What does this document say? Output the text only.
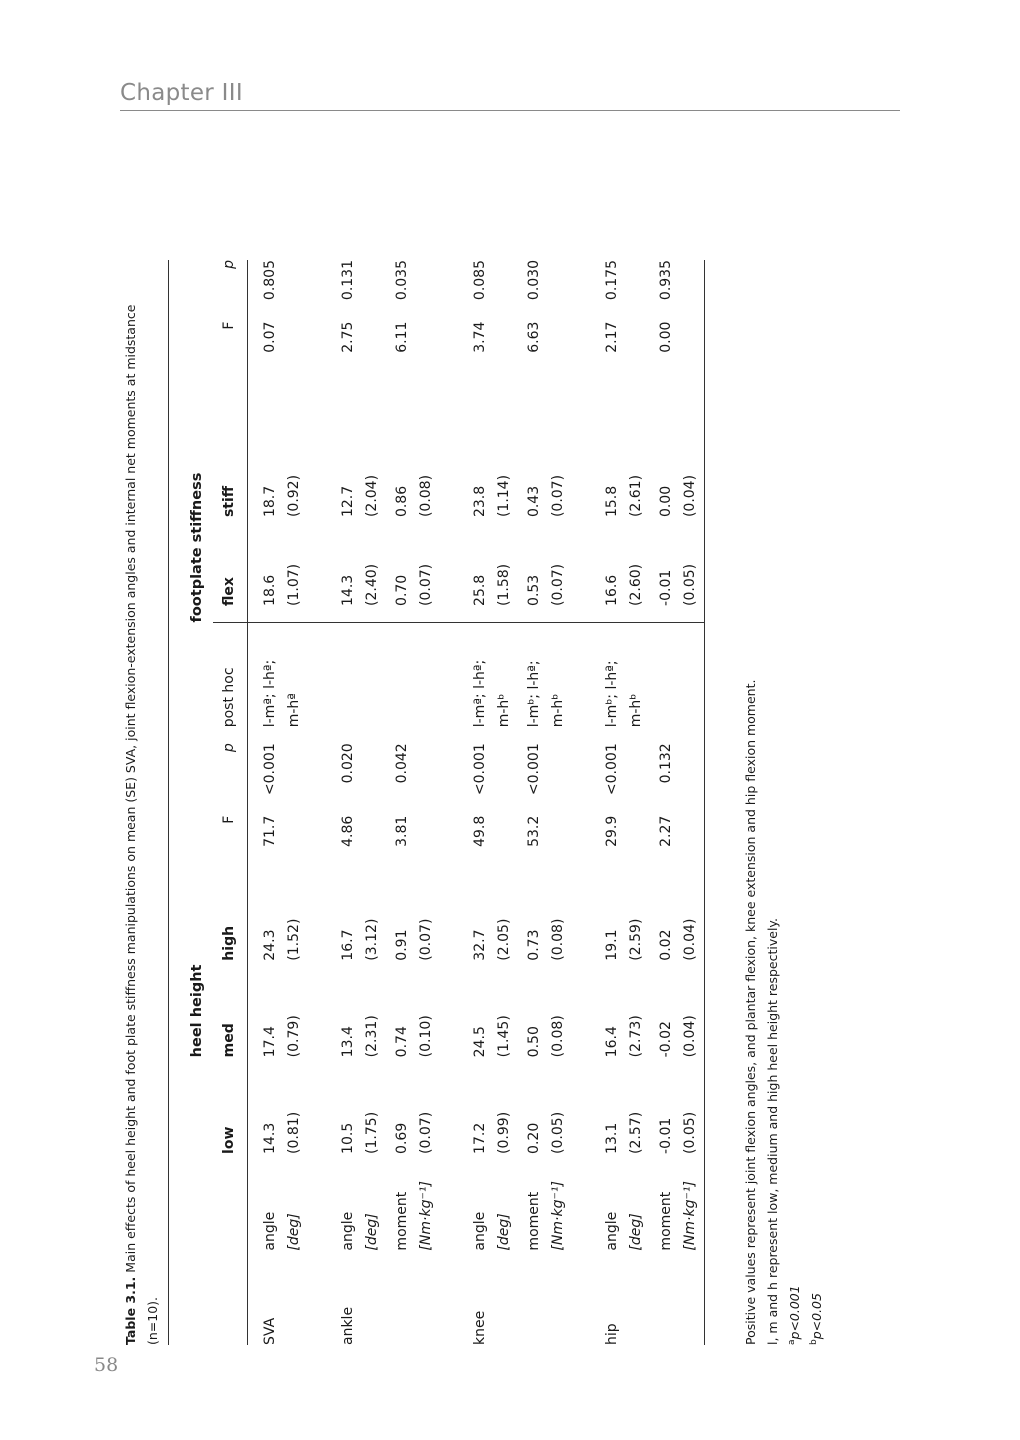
Chapter III
58
Table 3.1. Main effects of heel height and foot plate stiffness manipulations on mean (SE) SVA, joint flexion-extension angles and internal net moments at midstance (n=10).
			heel height					footplate stiffness			
		low	med	high	F	p	post hoc	flex	stiff	F	p
SVA	angle [deg]	14.3 (0.81)	17.4 (0.79)	24.3 (1.52)	71.7	<0.001	l-mª; l-hª; m-hª	18.6 (1.07)	18.7 (0.92)	0.07	0.805
ankle	angle [deg]	10.5 (1.75)	13.4 (2.31)	16.7 (3.12)	4.86	0.020		14.3 (2.40)	12.7 (2.04)	2.75	0.131
	moment [Nm·kg⁻¹]	0.69 (0.07)	0.74 (0.10)	0.91 (0.07)	3.81	0.042		0.70 (0.07)	0.86 (0.08)	6.11	0.035
knee	angle [deg]	17.2 (0.99)	24.5 (1.45)	32.7 (2.05)	49.8	<0.001	l-mª; l-hª; m-hᵇ	25.8 (1.58)	23.8 (1.14)	3.74	0.085
	moment [Nm·kg⁻¹]	0.20 (0.05)	0.50 (0.08)	0.73 (0.08)	53.2	<0.001	l-mᵇ; l-hª; m-hᵇ	0.53 (0.07)	0.43 (0.07)	6.63	0.030
hip	angle [deg]	13.1 (2.57)	16.4 (2.73)	19.1 (2.59)	29.9	<0.001	l-mᵇ; l-hª; m-hᵇ	16.6 (2.60)	15.8 (2.61)	2.17	0.175
	moment [Nm·kg⁻¹]	-0.01 (0.05)	-0.02 (0.04)	0.02 (0.04)	2.27	0.132		-0.01 (0.05)	0.00 (0.04)	0.00	0.935
Positive values represent joint flexion angles, and plantar flexion, knee extension and hip flexion moment. l, m and h represent low, medium and high heel height respectively. $^a$p<0.001
$^b$p<0.05
